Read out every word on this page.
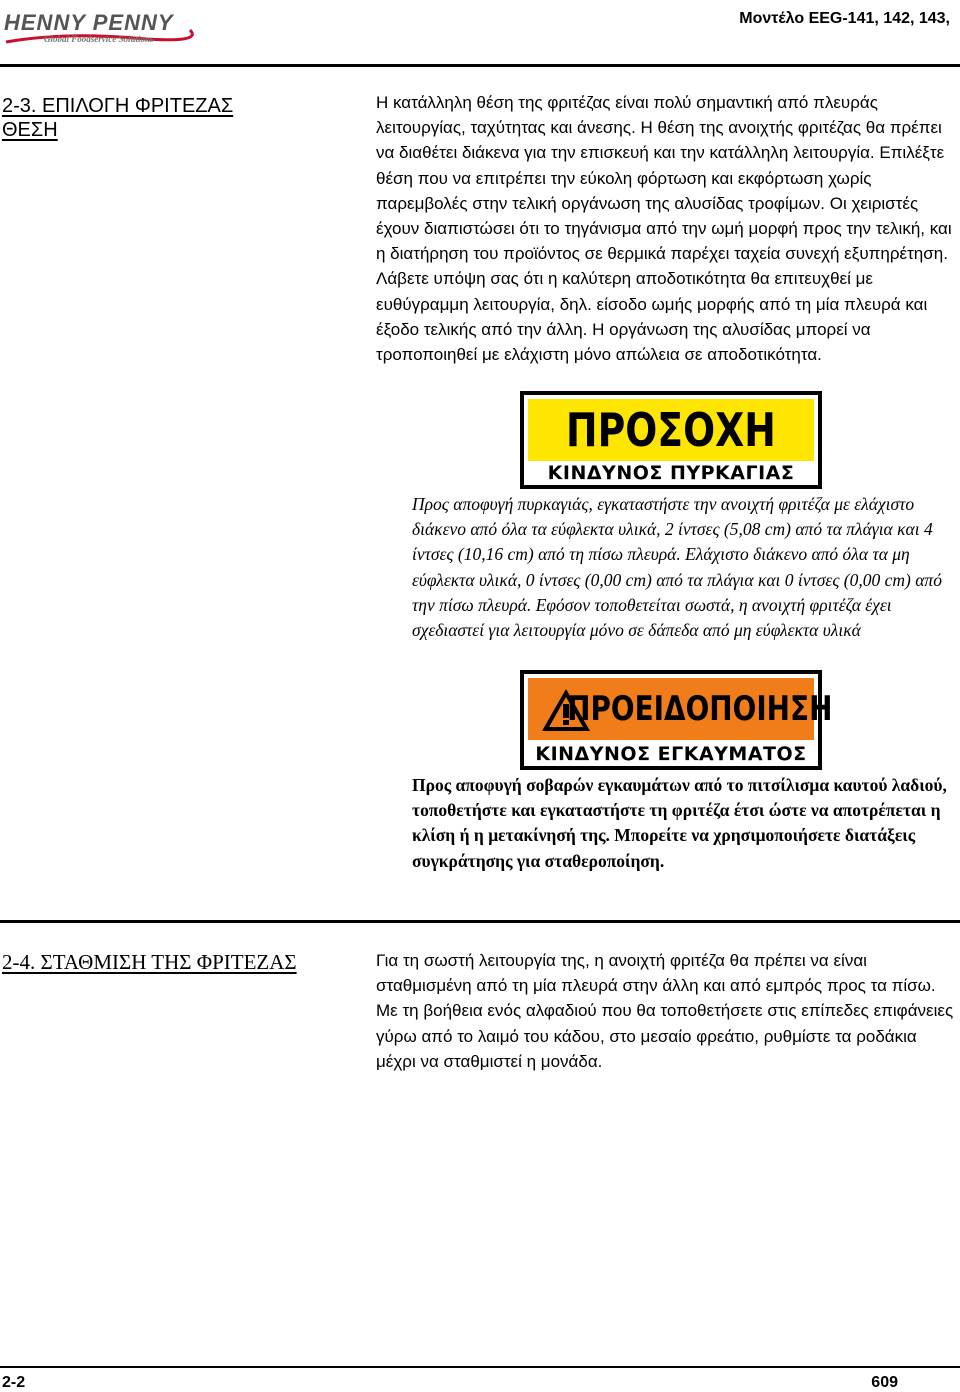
HENNY PENNY
Global Foodservice Solutions
Μοντέλο EEG-141, 142, 143,
2-3. ΕΠΙΛΟΓΗ ΦΡΙΤΕΖΑΣ
ΘΕΣΗ
Η κατάλληλη θέση της φριτέζας είναι πολύ σημαντική από πλευράς λειτουργίας, ταχύτητας και άνεσης. Η θέση της ανοιχτής φριτέζας θα πρέπει να διαθέτει διάκενα για την επισκευή και την κατάλληλη λειτουργία. Επιλέξτε θέση που να επιτρέπει την εύκολη φόρτωση και εκφόρτωση χωρίς παρεμβολές στην τελική οργάνωση της αλυσίδας τροφίμων. Οι χειριστές έχουν διαπιστώσει ότι το τηγάνισμα από την ωμή μορφή προς την τελική, και η διατήρηση του προϊόντος σε θερμικά παρέχει ταχεία συνεχή εξυπηρέτηση. Λάβετε υπόψη σας ότι η καλύτερη αποδοτικότητα θα επιτευχθεί με ευθύγραμμη λειτουργία, δηλ. είσοδο ωμής μορφής από τη μία πλευρά και έξοδο τελικής από την άλλη. Η οργάνωση της αλυσίδας μπορεί να τροποποιηθεί με ελάχιστη μόνο απώλεια σε αποδοτικότητα.
ΠΡΟΣΟΧΗ
ΚΙΝΔΥΝΟΣ ΠΥΡΚΑΓΙΑΣ
Προς αποφυγή πυρκαγιάς, εγκαταστήστε την ανοιχτή φριτέζα με ελάχιστο διάκενο από όλα τα εύφλεκτα υλικά, 2 ίντσες (5,08 cm) από τα πλάγια και 4 ίντσες (10,16 cm) από τη πίσω πλευρά. Ελάχιστο διάκενο από όλα τα μη εύφλεκτα υλικά, 0 ίντσες (0,00 cm) από τα πλάγια και 0 ίντσες (0,00 cm) από την πίσω πλευρά. Εφόσον τοποθετείται σωστά, η ανοιχτή φριτέζα έχει σχεδιαστεί για λειτουργία μόνο σε δάπεδα από μη εύφλεκτα υλικά
ΠΡΟΕΙΔΟΠΟΙΗΣΗ
ΚΙΝΔΥΝΟΣ ΕΓΚΑΥΜΑΤΟΣ
Προς αποφυγή σοβαρών εγκαυμάτων από το πιτσίλισμα καυτού λαδιού, τοποθετήστε και εγκαταστήστε τη φριτέζα έτσι ώστε να αποτρέπεται η κλίση ή η μετακίνησή της. Μπορείτε να χρησιμοποιήσετε διατάξεις συγκράτησης για σταθεροποίηση.
2-4. ΣΤΑΘΜΙΣΗ ΤΗΣ ΦΡΙΤΕΖΑΣ	Για τη σωστή λειτουργία της, η ανοιχτή φριτέζα θα πρέπει να είναι σταθμισμένη από τη μία πλευρά στην άλλη και από εμπρός προς τα πίσω. Με τη βοήθεια ενός αλφαδιού που θα τοποθετήσετε στις επίπεδες επιφάνειες γύρω από το λαιμό του κάδου, στο μεσαίο φρεάτιο, ρυθμίστε τα ροδάκια μέχρι να σταθμιστεί η μονάδα.
2-2	609
